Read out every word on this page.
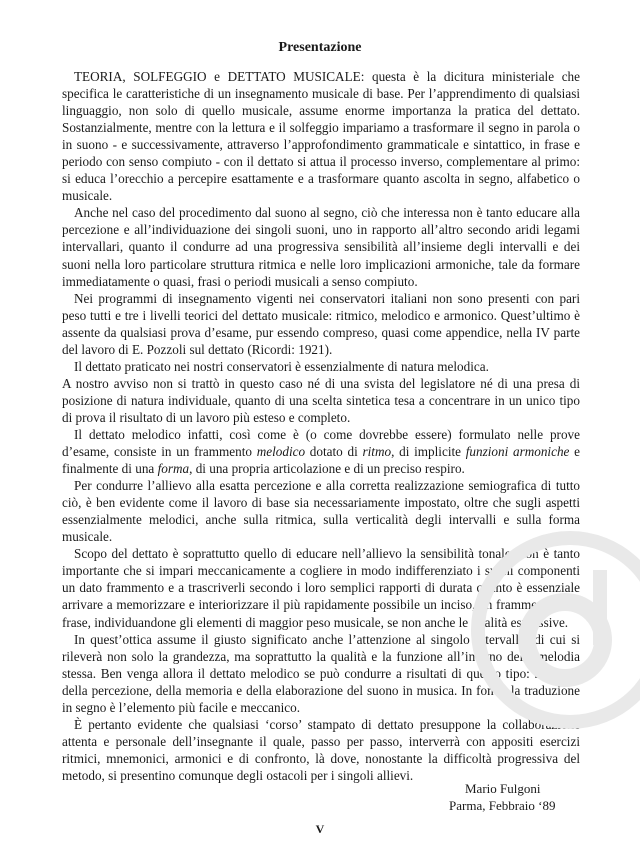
Presentazione

TEORIA, SOLFEGGIO e DETTATO MUSICALE: questa è la dicitura ministeriale che specifica le caratteristiche di un insegnamento musicale di base. Per l’apprendimento di qualsiasi linguaggio, non solo di quello musicale, assume enorme importanza la pratica del dettato. Sostanzialmente, mentre con la lettura e il solfeggio impariamo a trasformare il segno in parola o in suono - e successivamente, attraverso l’approfondimento grammaticale e sintattico, in frase e periodo con senso compiuto - con il dettato si attua il processo inverso, complementare al primo: si educa l’orecchio a percepire esattamente e a trasformare quanto ascolta in segno, alfabetico o musicale.

Anche nel caso del procedimento dal suono al segno, ciò che interessa non è tanto educare alla percezione e all’individuazione dei singoli suoni, uno in rapporto all’altro secondo aridi legami intervallari, quanto il condurre ad una progressiva sensibilità all’insieme degli intervalli e dei suoni nella loro particolare struttura ritmica e nelle loro implicazioni armoniche, tale da formare immediatamente o quasi, frasi o periodi musicali a senso compiuto.

Nei programmi di insegnamento vigenti nei conservatori italiani non sono presenti con pari peso tutti e tre i livelli teorici del dettato musicale: ritmico, melodico e armonico. Quest’ultimo è assente da qualsiasi prova d’esame, pur essendo compreso, quasi come appendice, nella IV parte del lavoro di E. Pozzoli sul dettato (Ricordi: 1921).

Il dettato praticato nei nostri conservatori è essenzialmente di natura melodica.

A nostro avviso non si trattò in questo caso né di una svista del legislatore né di una presa di posizione di natura individuale, quanto di una scelta sintetica tesa a concentrare in un unico tipo di prova il risultato di un lavoro più esteso e completo.

Il dettato melodico infatti, così come è (o come dovrebbe essere) formulato nelle prove d’esame, consiste in un frammento melodico dotato di ritmo, di implicite funzioni armoniche e finalmente di una forma, di una propria articolazione e di un preciso respiro.

Per condurre l’allievo alla esatta percezione e alla corretta realizzazione semiografica di tutto ciò, è ben evidente come il lavoro di base sia necessariamente impostato, oltre che sugli aspetti essenzialmente melodici, anche sulla ritmica, sulla verticalità degli intervalli e sulla forma musicale.

Scopo del dettato è soprattutto quello di educare nell’allievo la sensibilità tonale: non è tanto importante che si impari meccanicamente a cogliere in modo indifferenziato i suoni componenti un dato frammento e a trascriverli secondo i loro semplici rapporti di durata quanto è essenziale arrivare a memorizzare e interiorizzare il più rapidamente possibile un inciso, un frammento, una frase, individuandone gli elementi di maggior peso musicale, se non anche le qualità espressive.

In quest’ottica assume il giusto significato anche l’attenzione al singolo intervallo, di cui si rileverà non solo la grandezza, ma soprattutto la qualità e la funzione all’interno della melodia stessa. Ben venga allora il dettato melodico se può condurre a risultati di questo tipo: sviluppo della percezione, della memoria e della elaborazione del suono in musica. In fondo la traduzione in segno è l’elemento più facile e meccanico.

È pertanto evidente che qualsiasi ‘corso’ stampato di dettato presuppone la collaborazione attenta e personale dell’insegnante il quale, passo per passo, interverrà con appositi esercizi ritmici, mnemonici, armonici e di confronto, là dove, nonostante la difficoltà progressiva del metodo, si presentino comunque degli ostacoli per i singoli allievi.

Mario Fulgoni
Parma, Febbraio ‘89
V
